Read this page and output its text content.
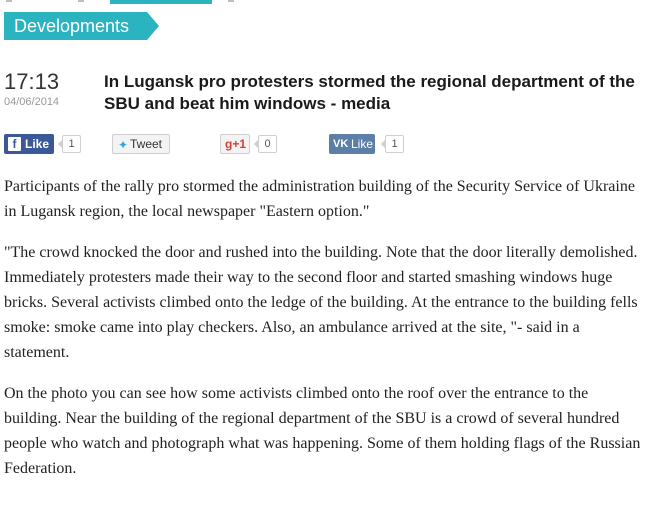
Developments
17:13
04/06/2014
In Lugansk pro protesters stormed the regional department of the SBU and beat him windows - media
f Like	1	✦ Tweet	g+1	0	VK Like	1

Participants of the rally pro stormed the administration building of the Security Service of Ukraine in Lugansk region, the local newspaper "Eastern option."

"The crowd knocked the door and rushed into the building. Note that the door literally demolished. Immediately protesters made their way to the second floor and started smashing windows huge bricks. Several activists climbed onto the ledge of the building. At the entrance to the building fells smoke: smoke came into play checkers. Also, an ambulance arrived at the site, "- said in a statement.

On the photo you can see how some activists climbed onto the roof over the entrance to the building. Near the building of the regional department of the SBU is a crowd of several hundred people who watch and photograph what was happening. Some of them holding flags of the Russian Federation.
